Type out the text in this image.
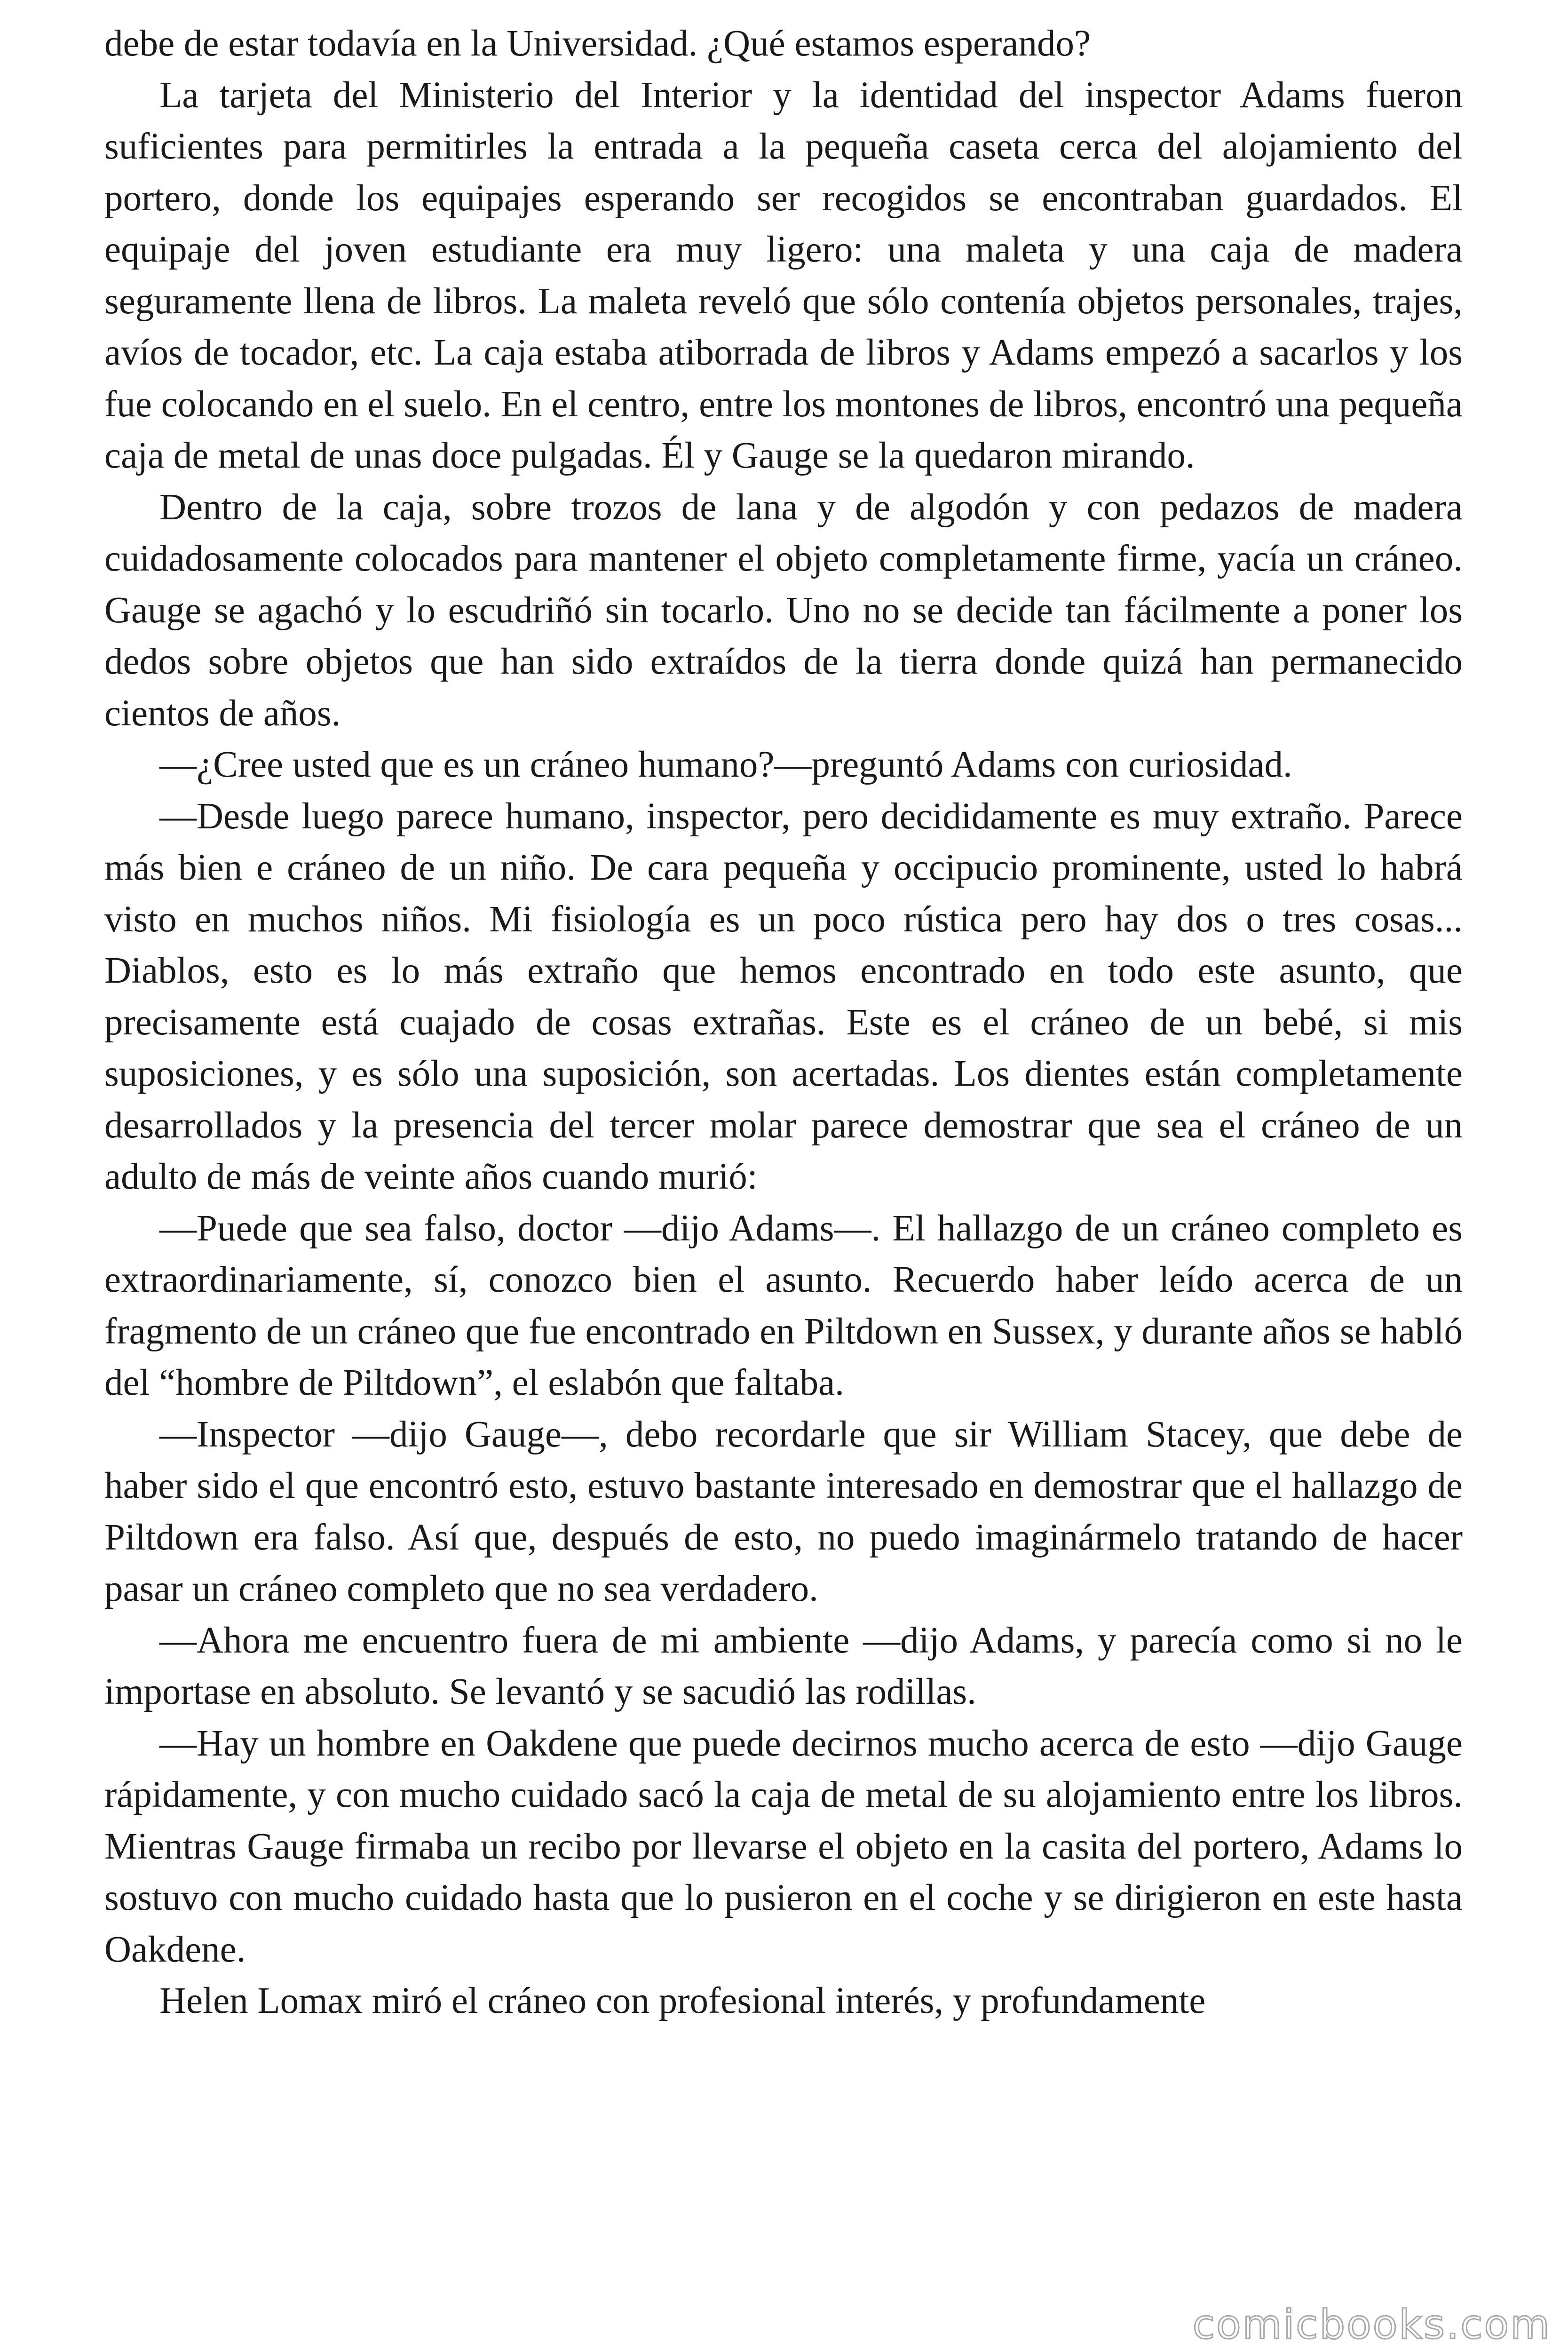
debe de estar todavía en la Universidad. ¿Qué estamos esperando?

La tarjeta del Ministerio del Interior y la identidad del inspector Adams fueron suficientes para permitirles la entrada a la pequeña caseta cerca del alojamiento del portero, donde los equipajes esperando ser recogidos se encontraban guardados. El equipaje del joven estudiante era muy ligero: una maleta y una caja de madera seguramente llena de libros. La maleta reveló que sólo contenía objetos personales, trajes, avíos de tocador, etc. La caja estaba atiborrada de libros y Adams empezó a sacarlos y los fue colocando en el suelo. En el centro, entre los montones de libros, encontró una pequeña caja de metal de unas doce pulgadas. Él y Gauge se la quedaron mirando.

Dentro de la caja, sobre trozos de lana y de algodón y con pedazos de madera cuidadosamente colocados para mantener el objeto completamente firme, yacía un cráneo. Gauge se agachó y lo escudriñó sin tocarlo. Uno no se decide tan fácilmente a poner los dedos sobre objetos que han sido extraídos de la tierra donde quizá han permanecido cientos de años.

—¿Cree usted que es un cráneo humano?—preguntó Adams con curiosidad.

—Desde luego parece humano, inspector, pero decididamente es muy extraño. Parece más bien e cráneo de un niño. De cara pequeña y occipucio prominente, usted lo habrá visto en muchos niños. Mi fisiología es un poco rústica pero hay dos o tres cosas... Diablos, esto es lo más extraño que hemos encontrado en todo este asunto, que precisamente está cuajado de cosas extrañas. Este es el cráneo de un bebé, si mis suposiciones, y es sólo una suposición, son acertadas. Los dientes están completamente desarrollados y la presencia del tercer molar parece demostrar que sea el cráneo de un adulto de más de veinte años cuando murió:

—Puede que sea falso, doctor —dijo Adams—. El hallazgo de un cráneo completo es extraordinariamente, sí, conozco bien el asunto. Recuerdo haber leído acerca de un fragmento de un cráneo que fue encontrado en Piltdown en Sussex, y durante años se habló del “hombre de Piltdown”, el eslabón que faltaba.

—Inspector —dijo Gauge—, debo recordarle que sir William Stacey, que debe de haber sido el que encontró esto, estuvo bastante interesado en demostrar que el hallazgo de Piltdown era falso. Así que, después de esto, no puedo imaginármelo tratando de hacer pasar un cráneo completo que no sea verdadero.

—Ahora me encuentro fuera de mi ambiente —dijo Adams, y parecía como si no le importase en absoluto. Se levantó y se sacudió las rodillas.

—Hay un hombre en Oakdene que puede decirnos mucho acerca de esto —dijo Gauge rápidamente, y con mucho cuidado sacó la caja de metal de su alojamiento entre los libros. Mientras Gauge firmaba un recibo por llevarse el objeto en la casita del portero, Adams lo sostuvo con mucho cuidado hasta que lo pusieron en el coche y se dirigieron en este hasta Oakdene.

Helen Lomax miró el cráneo con profesional interés, y profundamente

comicbooks.com
